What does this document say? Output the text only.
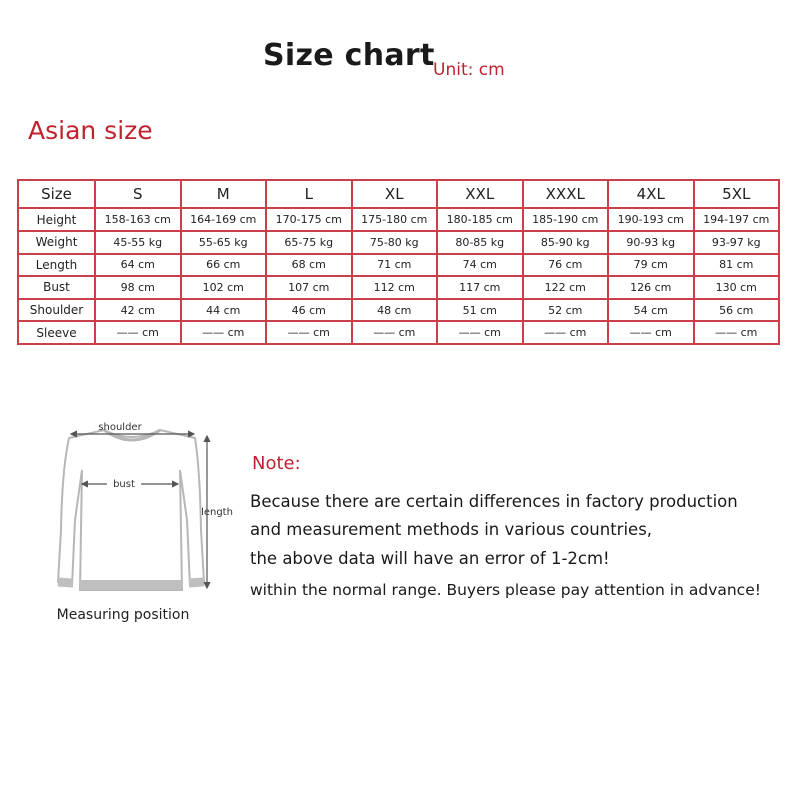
Size chart
Unit: cm
Asian size
Size	S	M	L	XL	XXL	XXXL	4XL	5XL
Height	158-163 cm	164-169 cm	170-175 cm	175-180 cm	180-185 cm	185-190 cm	190-193 cm	194-197 cm
Weight	45-55 kg	55-65 kg	65-75 kg	75-80 kg	80-85 kg	85-90 kg	90-93 kg	93-97 kg
Length	64 cm	66 cm	68 cm	71 cm	74 cm	76 cm	79 cm	81 cm
Bust	98 cm	102 cm	107 cm	112 cm	117 cm	122 cm	126 cm	130 cm
Shoulder	42 cm	44 cm	46 cm	48 cm	51 cm	52 cm	54 cm	56 cm
Sleeve	—— cm	—— cm	—— cm	—— cm	—— cm	—— cm	—— cm	—— cm
shoulder
bust
length
Measuring position
Note:
Because there are certain differences in factory production
and measurement methods in various countries,
the above data will have an error of 1-2cm!
within the normal range. Buyers please pay attention in advance!
